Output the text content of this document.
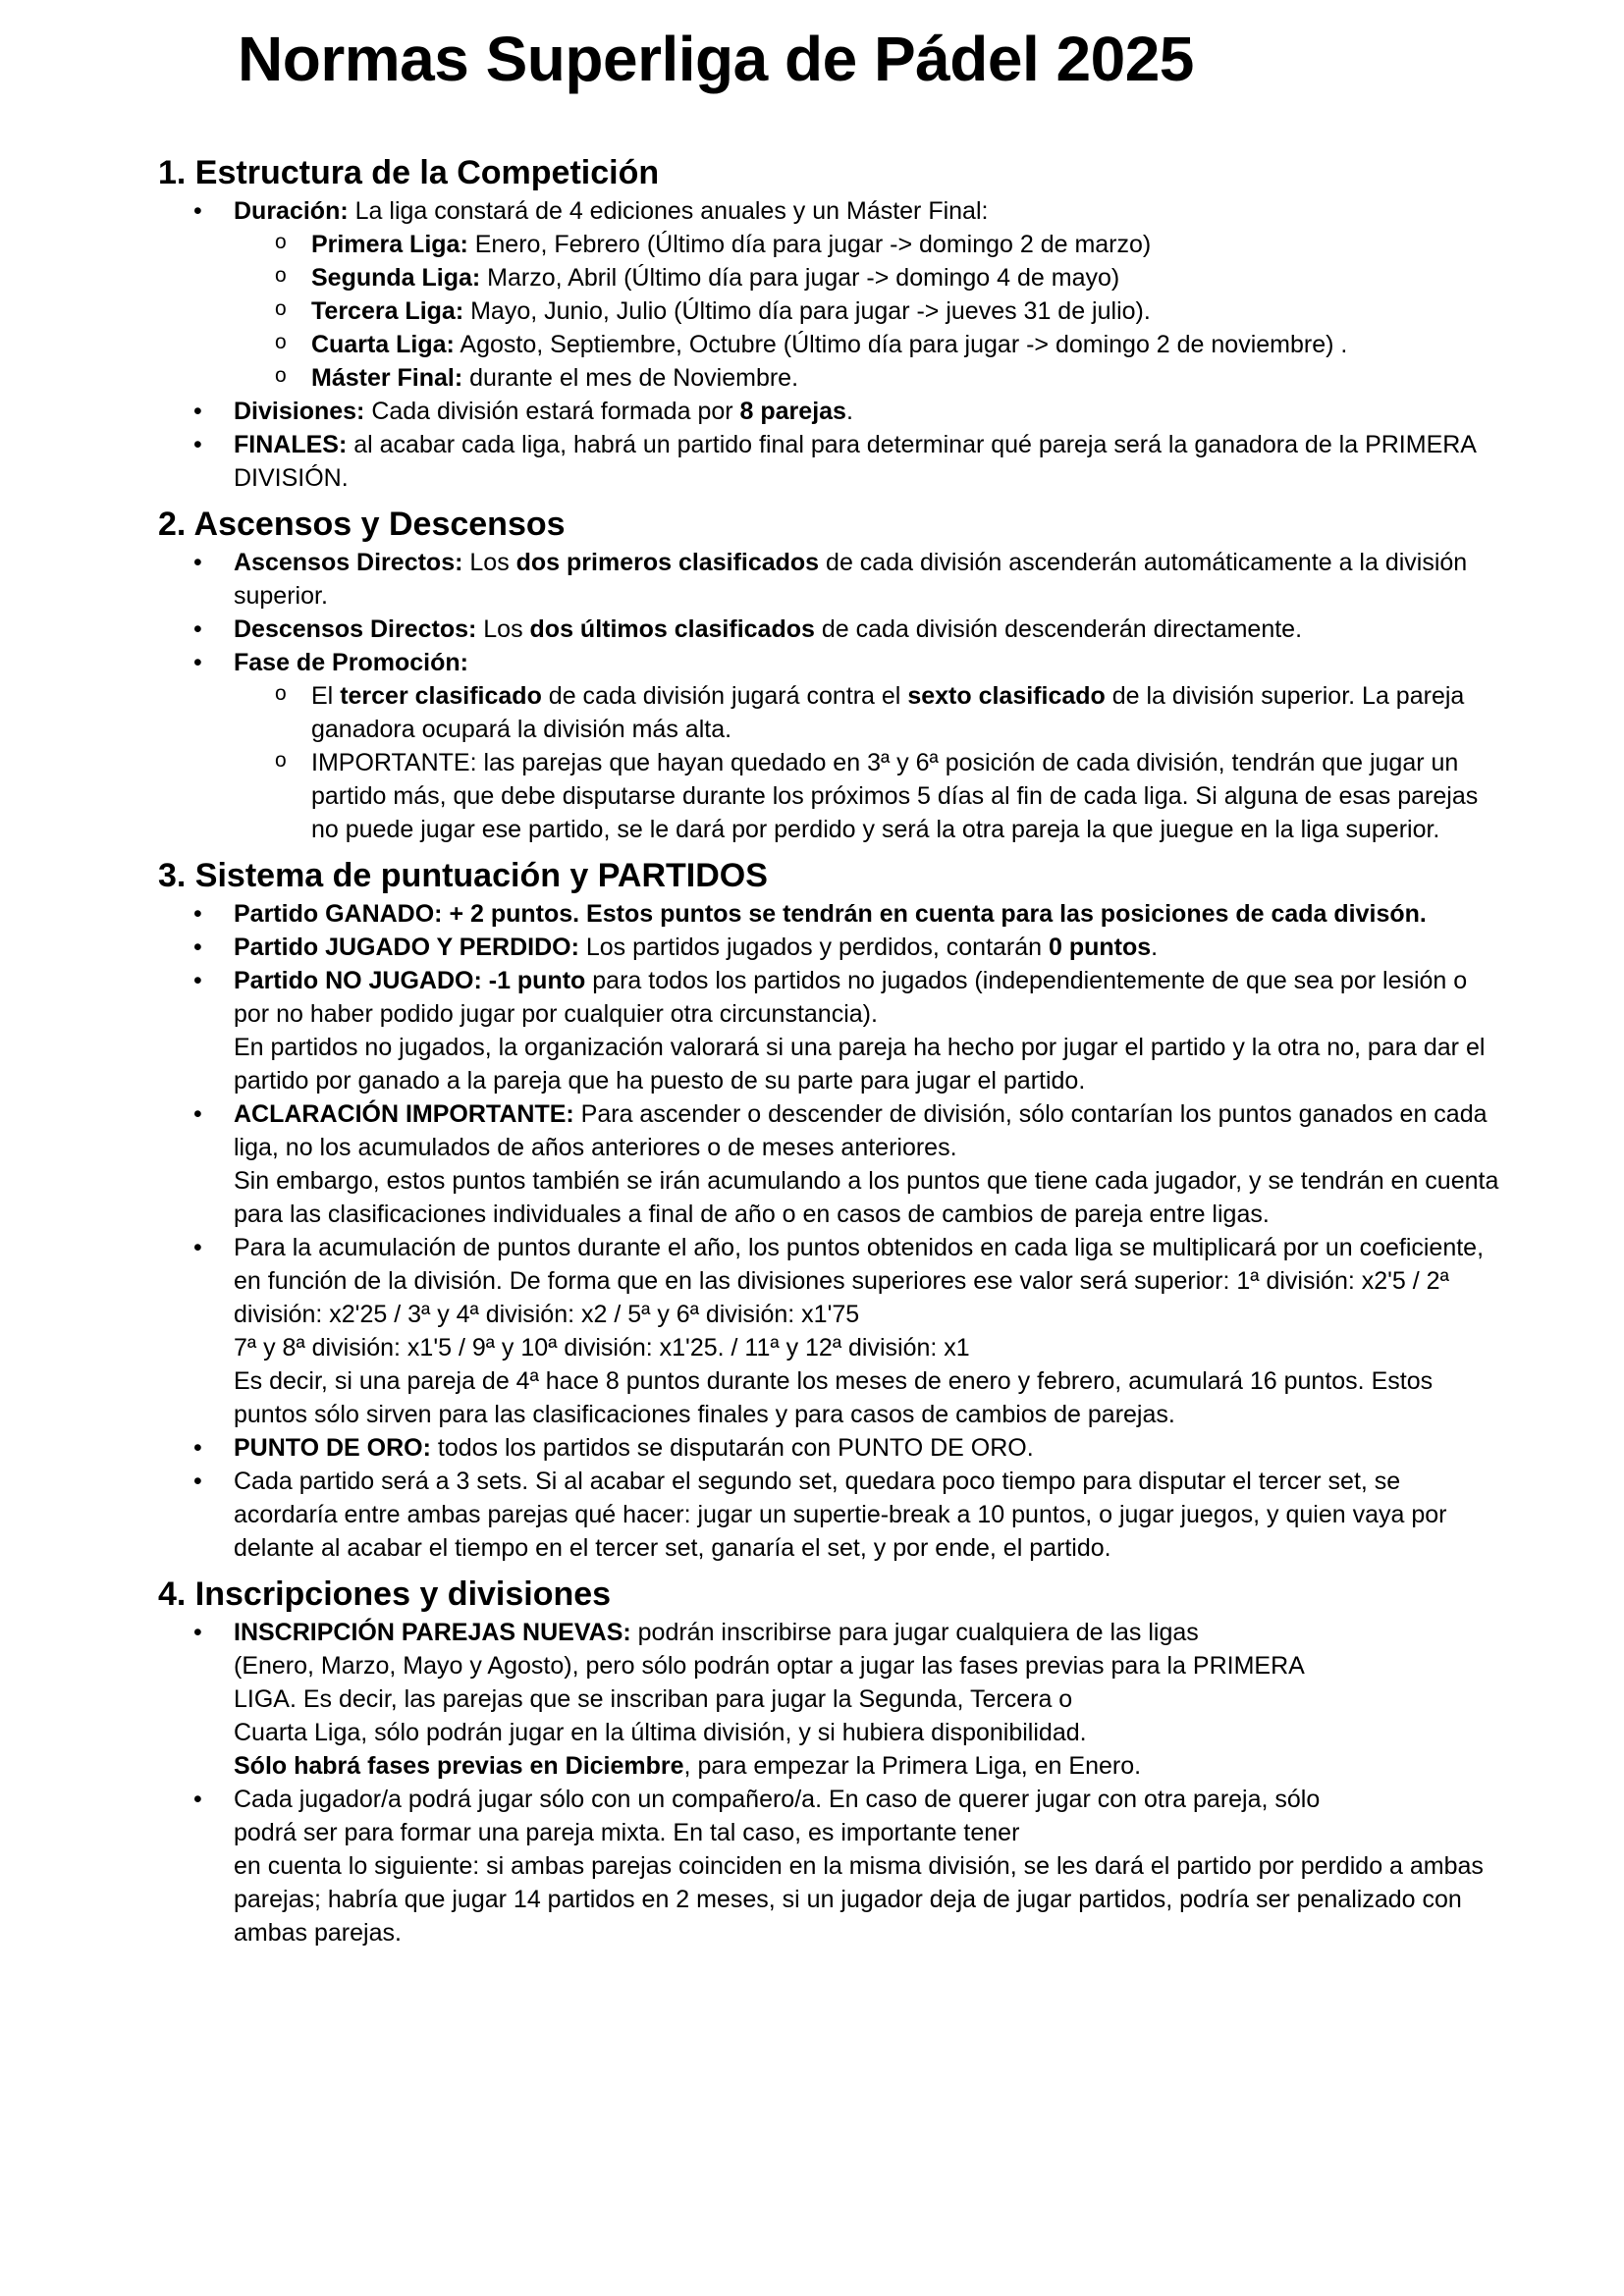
Normas Superliga de Pádel 2025
1. Estructura de la Competición
• Duración: La liga constará de 4 ediciones anuales y un Máster Final:
o Primera Liga: Enero, Febrero (Último día para jugar -> domingo 2 de marzo)
o Segunda Liga: Marzo, Abril (Último día para jugar -> domingo 4 de mayo)
o Tercera Liga: Mayo, Junio, Julio (Último día para jugar -> jueves 31 de julio).
o Cuarta Liga: Agosto, Septiembre, Octubre (Último día para jugar -> domingo 2 de noviembre) .
o Máster Final: durante el mes de Noviembre.
• Divisiones: Cada división estará formada por 8 parejas.
• FINALES: al acabar cada liga, habrá un partido final para determinar qué pareja será la ganadora de la PRIMERA DIVISIÓN.
2. Ascensos y Descensos
• Ascensos Directos: Los dos primeros clasificados de cada división ascenderán automáticamente a la división superior.
• Descensos Directos: Los dos últimos clasificados de cada división descenderán directamente.
• Fase de Promoción:
o El tercer clasificado de cada división jugará contra el sexto clasificado de la división superior. La pareja ganadora ocupará la división más alta.
o IMPORTANTE: las parejas que hayan quedado en 3ª y 6ª posición de cada división, tendrán que jugar un partido más, que debe disputarse durante los próximos 5 días al fin de cada liga. Si alguna de esas parejas no puede jugar ese partido, se le dará por perdido y será la otra pareja la que juegue en la liga superior.
3. Sistema de puntuación y PARTIDOS
• Partido GANADO: + 2 puntos. Estos puntos se tendrán en cuenta para las posiciones de cada divisón.
• Partido JUGADO Y PERDIDO: Los partidos jugados y perdidos, contarán 0 puntos.
• Partido NO JUGADO: -1 punto para todos los partidos no jugados (independientemente de que sea por lesión o por no haber podido jugar por cualquier otra circunstancia).
En partidos no jugados, la organización valorará si una pareja ha hecho por jugar el partido y la otra no, para dar el partido por ganado a la pareja que ha puesto de su parte para jugar el partido.
• ACLARACIÓN IMPORTANTE: Para ascender o descender de división, sólo contarían los puntos ganados en cada liga, no los acumulados de años anteriores o de meses anteriores.
Sin embargo, estos puntos también se irán acumulando a los puntos que tiene cada jugador, y se tendrán en cuenta para las clasificaciones individuales a final de año o en casos de cambios de pareja entre ligas.
• Para la acumulación de puntos durante el año, los puntos obtenidos en cada liga se multiplicará por un coeficiente, en función de la división. De forma que en las divisiones superiores ese valor será superior: 1ª división: x2'5 / 2ª división: x2'25 / 3ª y 4ª división: x2 / 5ª y 6ª división: x1'75
7ª y 8ª división: x1'5 / 9ª y 10ª división: x1'25. / 11ª y 12ª división: x1
Es decir, si una pareja de 4ª hace 8 puntos durante los meses de enero y febrero, acumulará 16 puntos. Estos puntos sólo sirven para las clasificaciones finales y para casos de cambios de parejas.
• PUNTO DE ORO: todos los partidos se disputarán con PUNTO DE ORO.
• Cada partido será a 3 sets. Si al acabar el segundo set, quedara poco tiempo para disputar el tercer set, se acordaría entre ambas parejas qué hacer: jugar un supertie-break a 10 puntos, o jugar juegos, y quien vaya por delante al acabar el tiempo en el tercer set, ganaría el set, y por ende, el partido.
4. Inscripciones y divisiones
• INSCRIPCIÓN PAREJAS NUEVAS: podrán inscribirse para jugar cualquiera de las ligas
(Enero, Marzo, Mayo y Agosto), pero sólo podrán optar a jugar las fases previas para la PRIMERA
LIGA. Es decir, las parejas que se inscriban para jugar la Segunda, Tercera o
Cuarta Liga, sólo podrán jugar en la última división, y si hubiera disponibilidad.
Sólo habrá fases previas en Diciembre, para empezar la Primera Liga, en Enero.
• Cada jugador/a podrá jugar sólo con un compañero/a. En caso de querer jugar con otra pareja, sólo
podrá ser para formar una pareja mixta. En tal caso, es importante tener
en cuenta lo siguiente: si ambas parejas coinciden en la misma división, se les dará el partido por perdido a ambas parejas; habría que jugar 14 partidos en 2 meses, si un jugador deja de jugar partidos, podría ser penalizado con ambas parejas.
